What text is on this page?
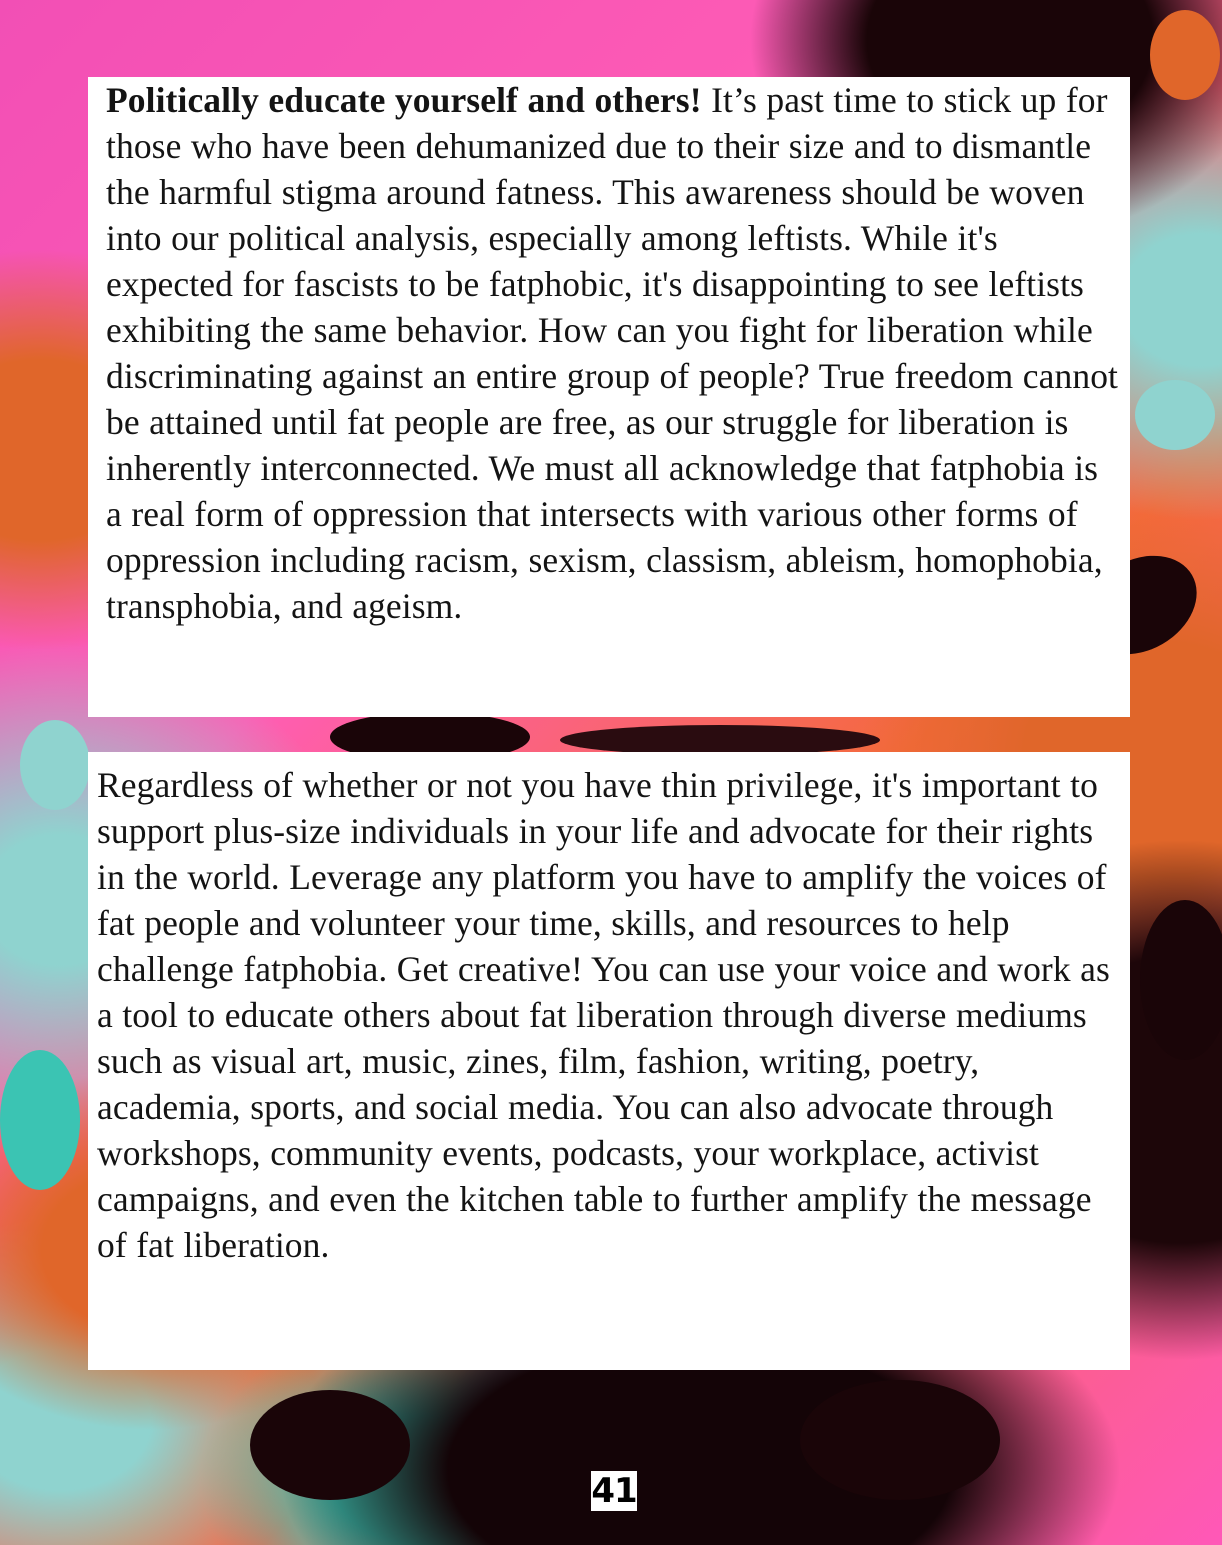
Politically educate yourself and others! It’s past time to stick up for those who have been dehumanized due to their size and to dismantle the harmful stigma around fatness. This awareness should be woven into our political analysis, especially among leftists. While it's expected for fascists to be fatphobic, it's disappointing to see leftists exhibiting the same behavior. How can you fight for liberation while discriminating against an entire group of people? True freedom cannot be attained until fat people are free, as our struggle for liberation is inherently interconnected. We must all acknowledge that fatphobia is a real form of oppression that intersects with various other forms of oppression including racism, sexism, classism, ableism, homophobia, transphobia, and ageism.

Regardless of whether or not you have thin privilege, it's important to support plus-size individuals in your life and advocate for their rights in the world. Leverage any platform you have to amplify the voices of fat people and volunteer your time, skills, and resources to help challenge fatphobia. Get creative! You can use your voice and work as a tool to educate others about fat liberation through diverse mediums such as visual art, music, zines, film, fashion, writing, poetry, academia, sports, and social media. You can also advocate through workshops, community events, podcasts, your workplace, activist campaigns, and even the kitchen table to further amplify the message of fat liberation.

41
